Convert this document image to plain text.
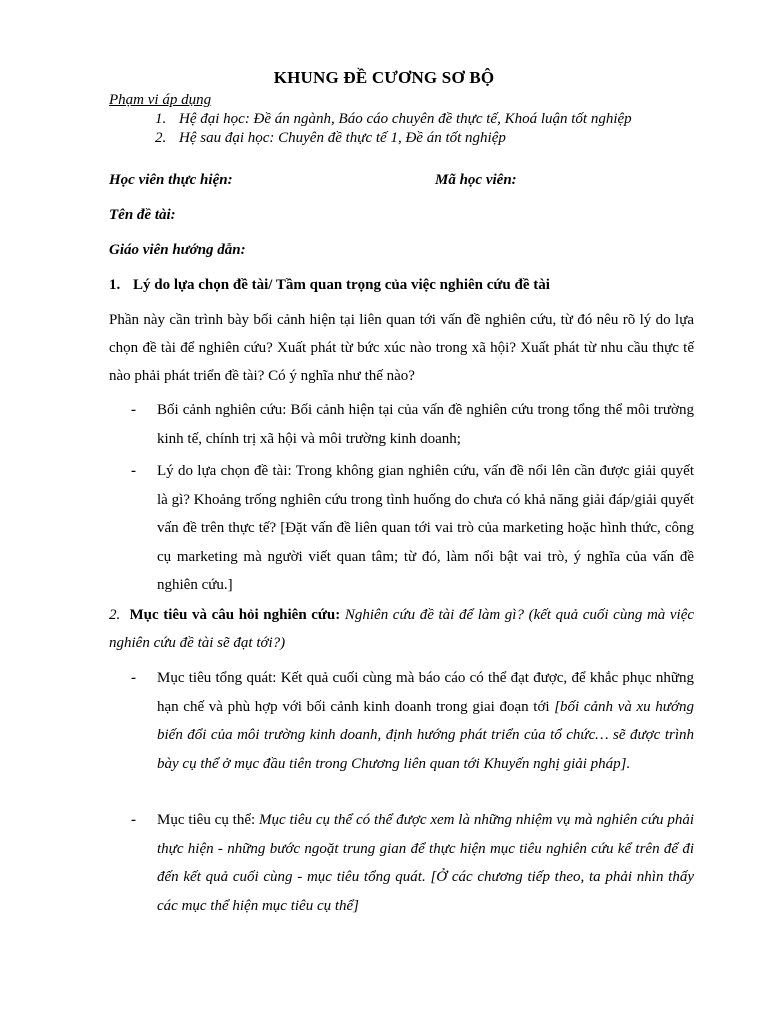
KHUNG ĐỀ CƯƠNG SƠ BỘ
Phạm vi áp dụng
1. Hệ đại học: Đề án ngành, Báo cáo chuyên đề thực tế, Khoá luận tốt nghiệp
2. Hệ sau đại học: Chuyên đề thực tế 1, Đề án tốt nghiệp
Học viên thực hiện:	Mã học viên:
Tên đề tài:
Giáo viên hướng dẫn:
1. Lý do lựa chọn đề tài/ Tầm quan trọng của việc nghiên cứu đề tài
Phần này cần trình bày bối cảnh hiện tại liên quan tới vấn đề nghiên cứu, từ đó nêu rõ lý do lựa chọn đề tài để nghiên cứu? Xuất phát từ bức xúc nào trong xã hội? Xuất phát từ nhu cầu thực tế nào phải phát triển đề tài? Có ý nghĩa như thế nào?
- Bối cảnh nghiên cứu: Bối cảnh hiện tại của vấn đề nghiên cứu trong tổng thể môi trường kinh tế, chính trị xã hội và môi trường kinh doanh;
- Lý do lựa chọn đề tài: Trong không gian nghiên cứu, vấn đề nổi lên cần được giải quyết là gì? Khoảng trống nghiên cứu trong tình huống do chưa có khả năng giải đáp/giải quyết vấn đề trên thực tế? [Đặt vấn đề liên quan tới vai trò của marketing hoặc hình thức, công cụ marketing mà người viết quan tâm; từ đó, làm nổi bật vai trò, ý nghĩa của vấn đề nghiên cứu.]
2. Mục tiêu và câu hỏi nghiên cứu: Nghiên cứu đề tài để làm gì? (kết quả cuối cùng mà việc nghiên cứu đề tài sẽ đạt tới?)
- Mục tiêu tổng quát: Kết quả cuối cùng mà báo cáo có thể đạt được, để khắc phục những hạn chế và phù hợp với bối cảnh kinh doanh trong giai đoạn tới [bối cảnh và xu hướng biến đổi của môi trường kinh doanh, định hướng phát triển của tổ chức… sẽ được trình bày cụ thể ở mục đầu tiên trong Chương liên quan tới Khuyến nghị giải pháp].
- Mục tiêu cụ thể: Mục tiêu cụ thể có thể được xem là những nhiệm vụ mà nghiên cứu phải thực hiện - những bước ngoặt trung gian để thực hiện mục tiêu nghiên cứu kể trên để đi đến kết quả cuối cùng - mục tiêu tổng quát. [Ở các chương tiếp theo, ta phải nhìn thấy các mục thể hiện mục tiêu cụ thể]
